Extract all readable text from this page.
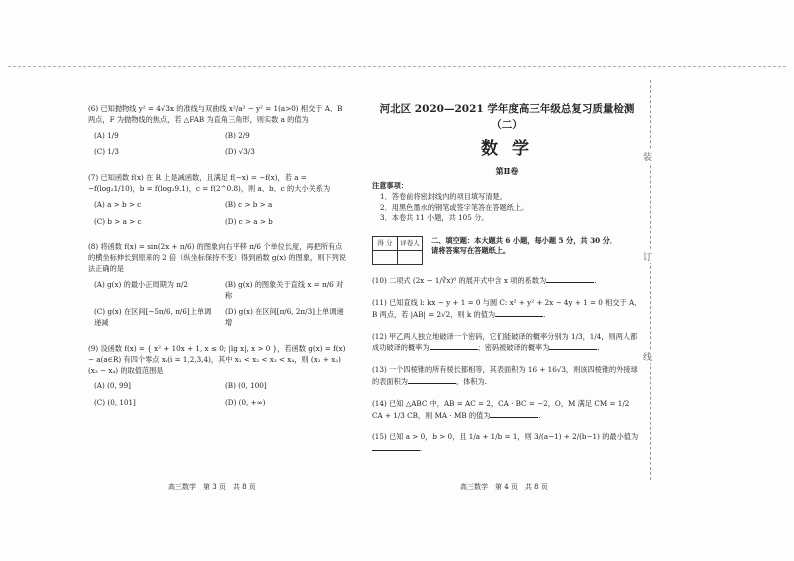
(6) 已知抛物线 y² = 4√3x 的准线与双曲线 x²/a² − y² = 1(a>0) 相交于 A、B 两点，F 为抛物线的焦点，若 △FAB 为直角三角形，则实数 a 的值为

(A) 1/9	(B) 2/9
(C) 1/3	(D) √3/3

(7) 已知函数 f(x) 在 R 上是减函数，且满足 f(−x) = −f(x)，若 a = −f(log₂1/10)，b = f(log₂9.1)，c = f(2^0.8)，则 a、b、c 的大小关系为

(A) a > b > c	(B) c > b > a
(C) b > a > c	(D) c > a > b

(8) 将函数 f(x) = sin(2x + π/6) 的图象向右平移 π/6 个单位长度，再把所有点的横坐标伸长到原来的 2 倍（纵坐标保持不变）得到函数 g(x) 的图象，则下列说法正确的是

(A) g(x) 的最小正周期为 π/2	(B) g(x) 的图象关于直线 x = π/6 对称
(C) g(x) 在区间[−5π/6, π/6]上单调递减
(D) g(x) 在区间[π/6, 2π/3]上单调递增

(9) 设函数 f(x) = { x² + 10x + 1, x ≤ 0; |lg x|, x > 0 }，若函数 g(x) = f(x) − a(a∈R) 有四个零点 xᵢ(i = 1,2,3,4)，其中 x₁ < x₂ < x₃ < x₄，则 (x₁ + x₂)(x₃ − x₄) 的取值范围是

(A) (0, 99]	(B) (0, 100]
(C) (0, 101]	(D) (0, +∞)
高三数学　第 3 页　共 8 页
河北区 2020—2021 学年度高三年级总复习质量检测（二）
数学
第Ⅱ卷
注意事项：
1．答卷前将密封线内的项目填写清楚。
2．用黑色墨水的钢笔或签字笔答在答题纸上。
3．本卷共 11 小题，共 105 分。
得 分	评卷人
	二、填空题：本大题共 6 小题，每小题 5 分，共 30 分．请将答案写在答题纸上。
(10) 二项式 (2x − 1/∛x)⁶ 的展开式中含 x 项的系数为	.
(11) 已知直线 l: kx − y + 1 = 0 与圆 C: x² + y² + 2x − 4y + 1 = 0 相交于 A，B 两点，若 |AB| = 2√2，则 k 的值为	.
(12) 甲乙两人独立地破译一个密码，它们能破译的概率分别为 1/3，1/4，则两人都成功破译的概率为	；密码被破译的概率为	.
(13) 一个四棱锥的所有棱长都相等，其表面积为 16 + 16√3，则该四棱锥的外接球的表面积为	，体积为.
(14) 已知 △ABC 中，AB = AC = 2，CA · BC = −2，O，M 满足 CM = 1/2 CA + 1/3 CB，则 MA · MB 的值为	.
(15) 已知 a > 0，b > 0，且 1/a + 1/b = 1，则 3/(a−1) + 2/(b−1) 的最小值为.
高三数学　第 4 页　共 8 页
装
订
线
